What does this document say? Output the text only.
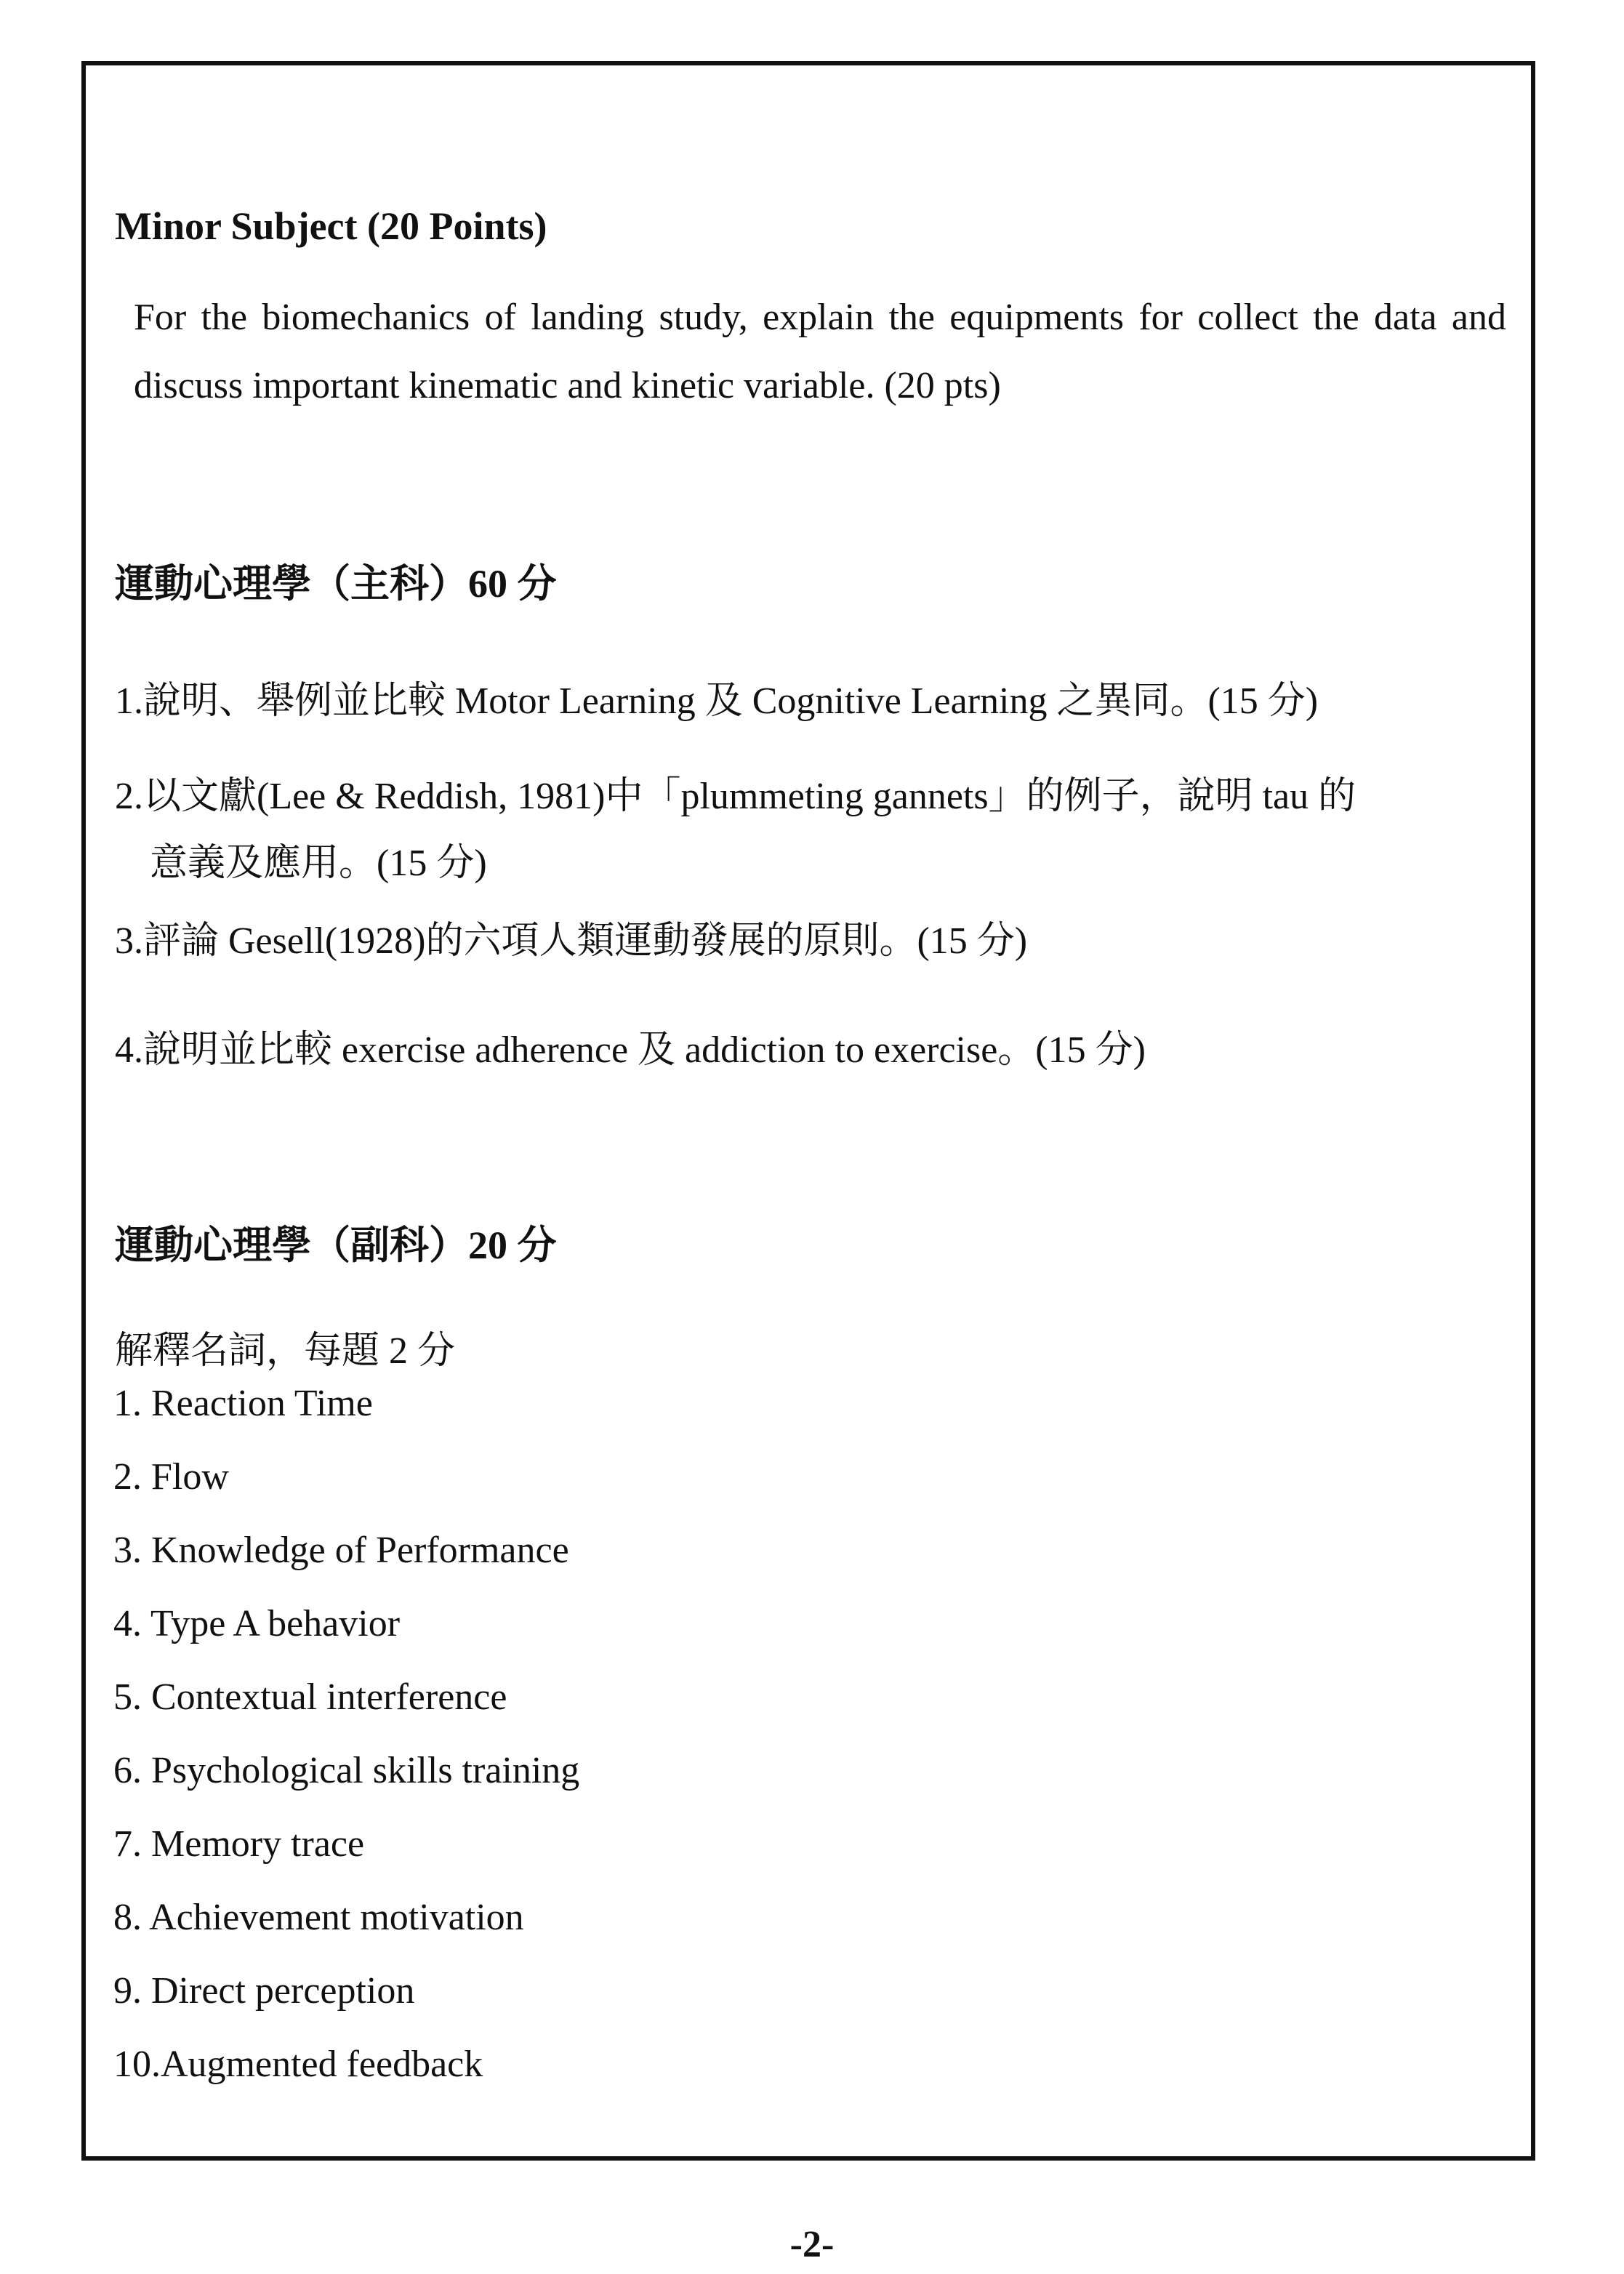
Minor Subject (20 Points)
For the biomechanics of landing study, explain the equipments for collect the data and discuss important kinematic and kinetic variable. (20 pts)
運動心理學（主科）60 分
1.說明、舉例並比較 Motor Learning 及 Cognitive Learning 之異同。(15 分)
2.以文獻(Lee & Reddish, 1981)中「plummeting gannets」的例子，說明 tau 的
意義及應用。(15 分)
3.評論 Gesell(1928)的六項人類運動發展的原則。(15 分)
4.說明並比較 exercise adherence 及 addiction to exercise。(15 分)
運動心理學（副科）20 分
解釋名詞，每題 2 分
1. Reaction Time
2. Flow
3. Knowledge of Performance
4. Type A behavior
5. Contextual interference
6. Psychological skills training
7. Memory trace
8. Achievement motivation
9. Direct perception
10.Augmented feedback
-2-
